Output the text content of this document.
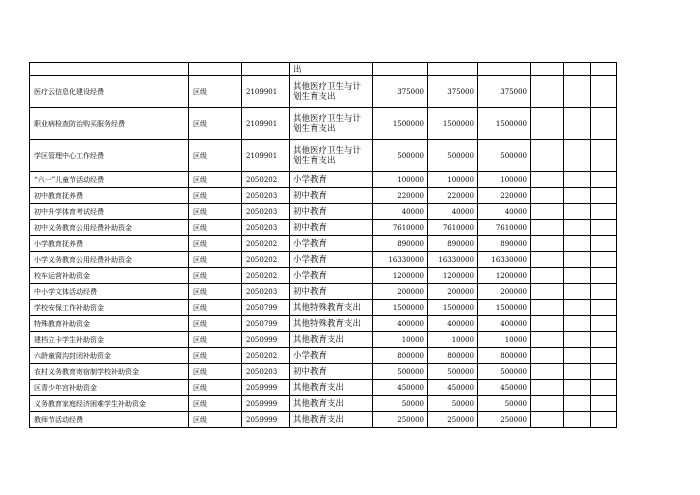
			出						
医疗云信息化建设经费	区级	2109901	其他医疗卫生与计划生育支出	375000	375000	375000			
职业病检查防治购买服务经费	区级	2109901	其他医疗卫生与计划生育支出	1500000	1500000	1500000			
学区管理中心工作经费	区级	2109901	其他医疗卫生与计划生育支出	500000	500000	500000			
“六一”儿童节活动经费	区级	2050202	小学教育	100000	100000	100000			
初中教育抚养费	区级	2050203	初中教育	220000	220000	220000			
初中升学体育考试经费	区级	2050203	初中教育	40000	40000	40000			
初中义务教育公用经费补助资金	区级	2050203	初中教育	7610000	7610000	7610000			
小学教育抚养费	区级	2050202	小学教育	890000	890000	890000			
小学义务教育公用经费补助资金	区级	2050202	小学教育	16330000	16330000	16330000			
校车运营补助资金	区级	2050202	小学教育	1200000	1200000	1200000			
中小学文体活动经费	区级	2050203	初中教育	200000	200000	200000			
学校安保工作补助资金	区级	2050799	其他特殊教育支出	1500000	1500000	1500000			
特殊教育补助资金	区级	2050799	其他特殊教育支出	400000	400000	400000			
建档立卡学生补助资金	区级	2050999	其他教育支出	10000	10000	10000			
六龄童窝沟封闭补助资金	区级	2050202	小学教育	800000	800000	800000			
农村义务教育寄宿制学校补助资金	区级	2050203	初中教育	500000	500000	500000			
区青少年宫补助资金	区级	2059999	其他教育支出	450000	450000	450000			
义务教育家庭经济困难学生补助资金	区级	2059999	其他教育支出	50000	50000	50000			
教师节活动经费	区级	2059999	其他教育支出	250000	250000	250000			
